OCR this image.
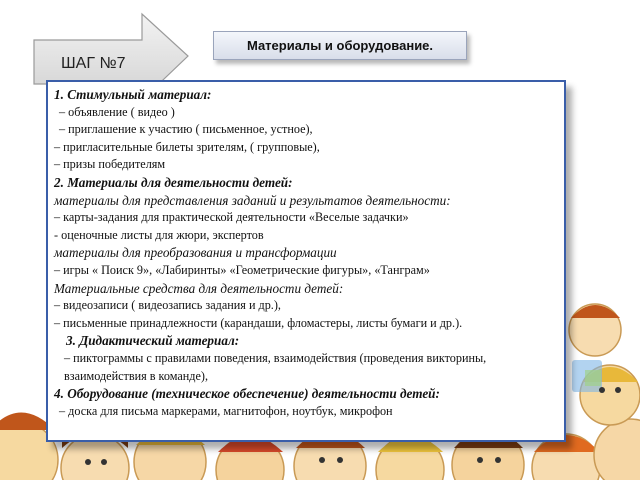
ШАГ №7
Материалы и оборудование.

1. Стимульный материал:

– объявление ( видео )

– приглашение к участию ( письменное, устное),

– пригласительные билеты зрителям, ( групповые),

– призы победителям

2. Материалы для деятельности детей:

материалы для представления заданий и результатов деятельности:

– карты-задания для практической деятельности «Веселые задачки»

- оценочные листы для жюри, экспертов

материалы для преобразования и трансформации

– игры « Поиск 9», «Лабиринты» «Геометрические фигуры», «Танграм»

Материальные средства для деятельности детей:

– видеозаписи ( видеозапись задания и др.),

– письменные принадлежности (карандаши, фломастеры, листы бумаги и др.).

3. Дидактический материал:

– пиктограммы с правилами поведения, взаимодействия (проведения викторины, взаимодействия в команде),

4. Оборудование (техническое обеспечение) деятельности детей:

– доска для письма маркерами, магнитофон, ноутбук, микрофон
